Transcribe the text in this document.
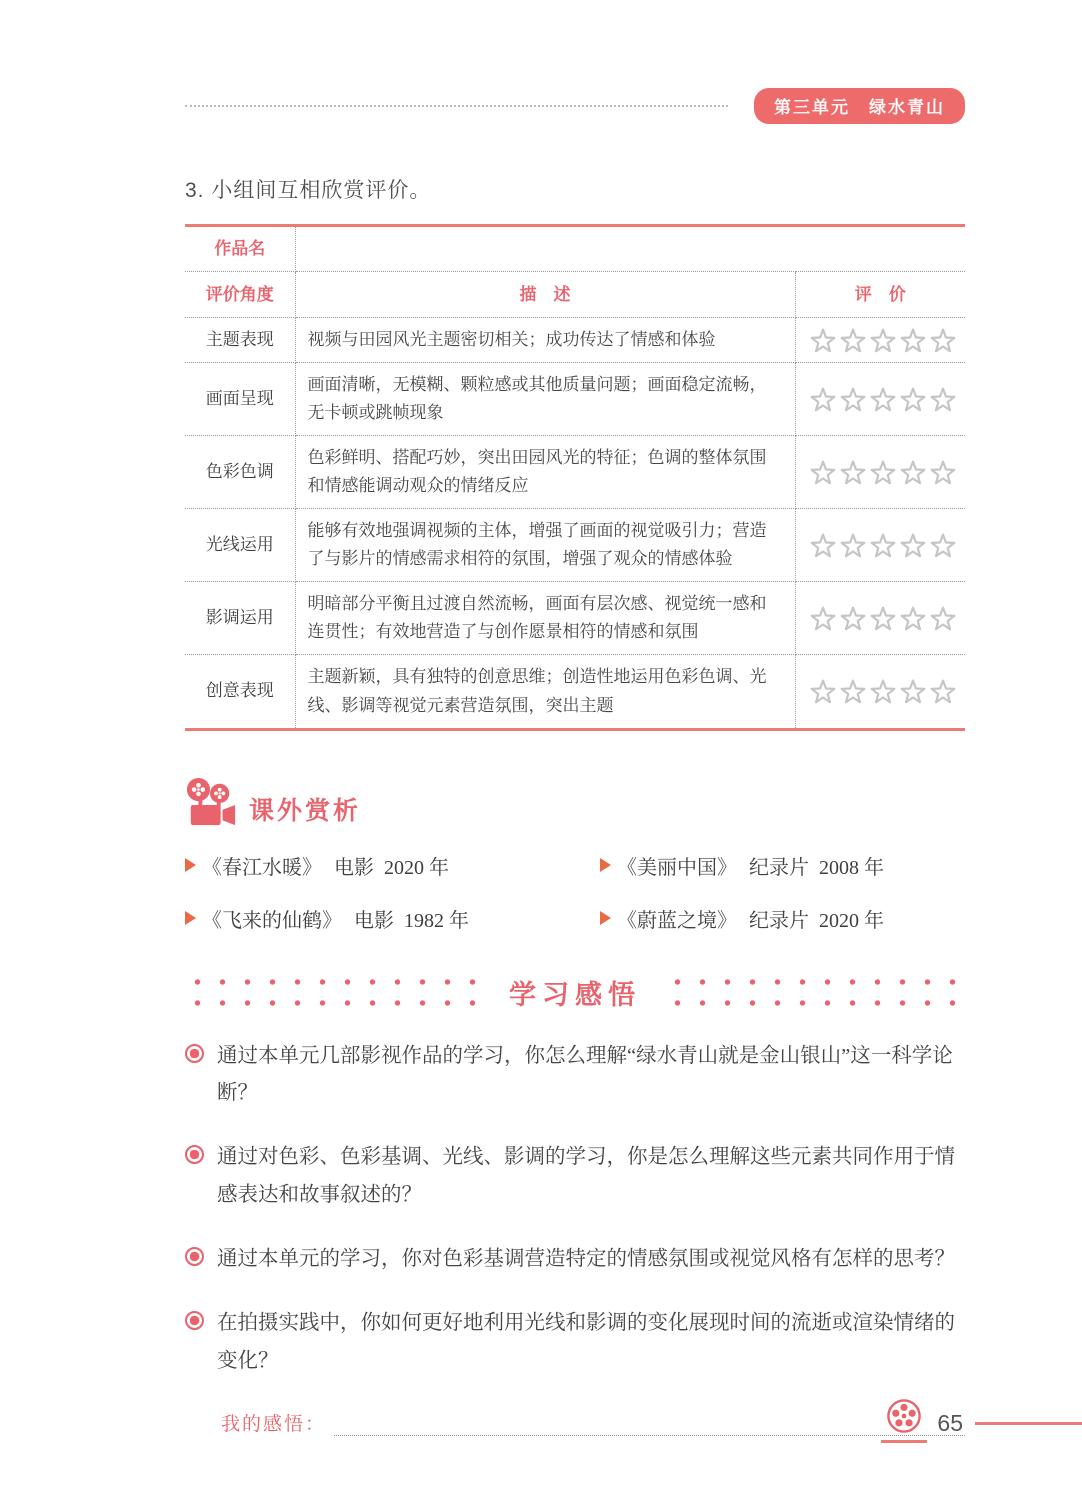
第三单元　绿水青山
3. 小组间互相欣赏评价。
作品名		
评价角度	描　述	评　价
主题表现	视频与田园风光主题密切相关；成功传达了情感和体验	
画面呈现	画面清晰，无模糊、颗粒感或其他质量问题；画面稳定流畅，无卡顿或跳帧现象	
色彩色调	色彩鲜明、搭配巧妙，突出田园风光的特征；色调的整体氛围和情感能调动观众的情绪反应	
光线运用	能够有效地强调视频的主体，增强了画面的视觉吸引力；营造了与影片的情感需求相符的氛围，增强了观众的情感体验	
影调运用	明暗部分平衡且过渡自然流畅，画面有层次感、视觉统一感和连贯性；有效地营造了与创作愿景相符的情感和氛围	
创意表现	主题新颖，具有独特的创意思维；创造性地运用色彩色调、光线、影调等视觉元素营造氛围，突出主题	
课外赏析
《春江水暖》 电影 2020 年	《美丽中国》 纪录片 2008 年
《飞来的仙鹤》 电影 1982 年	《蔚蓝之境》 纪录片 2020 年
学习感悟
通过本单元几部影视作品的学习，你怎么理解“绿水青山就是金山银山”这一科学论断？
通过对色彩、色彩基调、光线、影调的学习，你是怎么理解这些元素共同作用于情感表达和故事叙述的？
通过本单元的学习，你对色彩基调营造特定的情感氛围或视觉风格有怎样的思考？
在拍摄实践中，你如何更好地利用光线和影调的变化展现时间的流逝或渲染情绪的变化？
我的感悟：	65
